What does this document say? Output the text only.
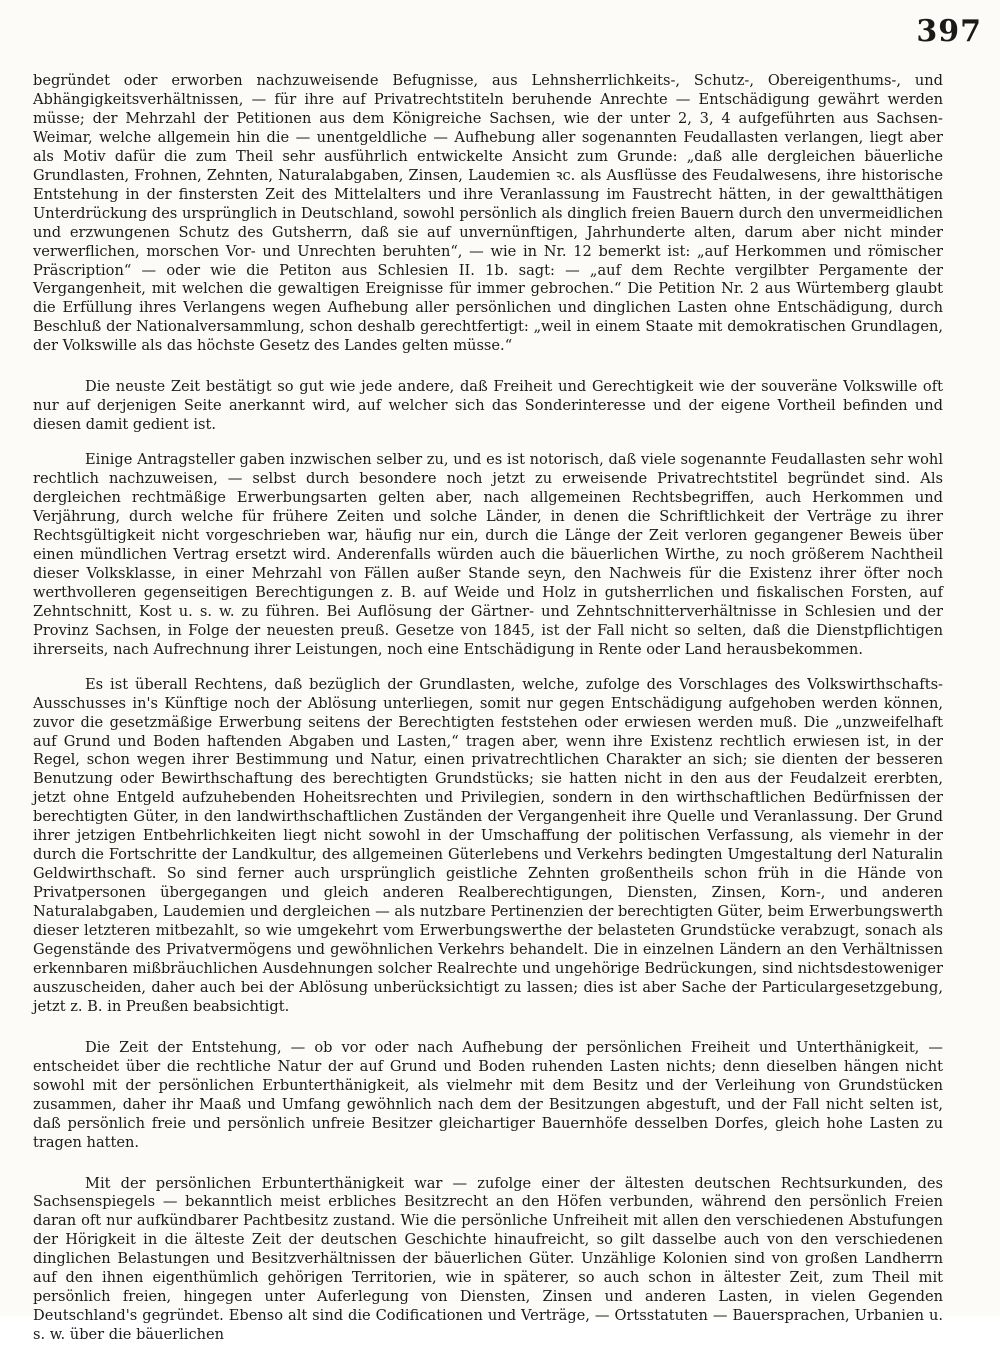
397

begründet oder erworben nachzuweisende Befugnisse, aus Lehnsherrlichkeits-, Schutz-, Obereigenthums-, und Abhängigkeitsverhältnissen, — für ihre auf Privatrechtstiteln beruhende Anrechte — Entschädigung gewährt werden müsse; der Mehrzahl der Petitionen aus dem Königreiche Sachsen, wie der unter 2, 3, 4 aufgeführten aus Sachsen-Weimar, welche allgemein hin die — unentgeldliche — Aufhebung aller sogenannten Feudallasten verlangen, liegt aber als Motiv dafür die zum Theil sehr ausführlich entwickelte Ansicht zum Grunde: „daß alle dergleichen bäuerliche Grundlasten, Frohnen, Zehnten, Naturalabgaben, Zinsen, Laudemien ꝛc. als Ausflüsse des Feudalwesens, ihre historische Entstehung in der finstersten Zeit des Mittelalters und ihre Veranlassung im Faustrecht hätten, in der gewaltthätigen Unterdrückung des ursprünglich in Deutschland, sowohl persönlich als dinglich freien Bauern durch den unvermeidlichen und erzwungenen Schutz des Gutsherrn, daß sie auf unvernünftigen, Jahrhunderte alten, darum aber nicht minder verwerflichen, morschen Vor- und Unrechten beruhten“, — wie in Nr. 12 bemerkt ist: „auf Herkommen und römischer Präscription“ — oder wie die Petiton aus Schlesien II. 1b. sagt: — „auf dem Rechte vergilbter Pergamente der Vergangenheit, mit welchen die gewaltigen Ereignisse für immer gebrochen.“ Die Petition Nr. 2 aus Würtemberg glaubt die Erfüllung ihres Verlangens wegen Aufhebung aller persönlichen und dinglichen Lasten ohne Entschädigung, durch Beschluß der Nationalversammlung, schon deshalb gerechtfertigt: „weil in einem Staate mit demokratischen Grundlagen, der Volkswille als das höchste Gesetz des Landes gelten müsse.“

Die neuste Zeit bestätigt so gut wie jede andere, daß Freiheit und Gerechtigkeit wie der souveräne Volkswille oft nur auf derjenigen Seite anerkannt wird, auf welcher sich das Sonderinteresse und der eigene Vortheil befinden und diesen damit gedient ist.

Einige Antragsteller gaben inzwischen selber zu, und es ist notorisch, daß viele sogenannte Feudallasten sehr wohl rechtlich nachzuweisen, — selbst durch besondere noch jetzt zu erweisende Privatrechtstitel begründet sind. Als dergleichen rechtmäßige Erwerbungsarten gelten aber, nach allgemeinen Rechtsbegriffen, auch Herkommen und Verjährung, durch welche für frühere Zeiten und solche Länder, in denen die Schriftlichkeit der Verträge zu ihrer Rechtsgültigkeit nicht vorgeschrieben war, häufig nur ein, durch die Länge der Zeit verloren gegangener Beweis über einen mündlichen Vertrag ersetzt wird. Anderenfalls würden auch die bäuerlichen Wirthe, zu noch größerem Nachtheil dieser Volksklasse, in einer Mehrzahl von Fällen außer Stande seyn, den Nachweis für die Existenz ihrer öfter noch werthvolleren gegenseitigen Berechtigungen z. B. auf Weide und Holz in gutsherrlichen und fiskalischen Forsten, auf Zehntschnitt, Kost u. s. w. zu führen. Bei Auflösung der Gärtner- und Zehntschnitterverhältnisse in Schlesien und der Provinz Sachsen, in Folge der neuesten preuß. Gesetze von 1845, ist der Fall nicht so selten, daß die Dienstpflichtigen ihrerseits, nach Aufrechnung ihrer Leistungen, noch eine Entschädigung in Rente oder Land herausbekommen.

Es ist überall Rechtens, daß bezüglich der Grundlasten, welche, zufolge des Vorschlages des Volkswirthschafts-Ausschusses in's Künftige noch der Ablösung unterliegen, somit nur gegen Entschädigung aufgehoben werden können, zuvor die gesetzmäßige Erwerbung seitens der Berechtigten feststehen oder erwiesen werden muß. Die „unzweifelhaft auf Grund und Boden haftenden Abgaben und Lasten,“ tragen aber, wenn ihre Existenz rechtlich erwiesen ist, in der Regel, schon wegen ihrer Bestimmung und Natur, einen privatrechtlichen Charakter an sich; sie dienten der besseren Benutzung oder Bewirthschaftung des berechtigten Grundstücks; sie hatten nicht in den aus der Feudalzeit ererbten, jetzt ohne Entgeld aufzuhebenden Hoheitsrechten und Privilegien, sondern in den wirthschaftlichen Bedürfnissen der berechtigten Güter, in den landwirthschaftlichen Zuständen der Vergangenheit ihre Quelle und Veranlassung. Der Grund ihrer jetzigen Entbehrlichkeiten liegt nicht sowohl in der Umschaffung der politischen Verfassung, als viemehr in der durch die Fortschritte der Landkultur, des allgemeinen Güterlebens und Verkehrs bedingten Umgestaltung derl Naturalin Geldwirthschaft. So sind ferner auch ursprünglich geistliche Zehnten großentheils schon früh in die Hände von Privatpersonen übergegangen und gleich anderen Realberechtigungen, Diensten, Zinsen, Korn-, und anderen Naturalabgaben, Laudemien und dergleichen — als nutzbare Pertinenzien der berechtigten Güter, beim Erwerbungswerth dieser letzteren mitbezahlt, so wie umgekehrt vom Erwerbungswerthe der belasteten Grundstücke verabzugt, sonach als Gegenstände des Privatvermögens und gewöhnlichen Verkehrs behandelt. Die in einzelnen Ländern an den Verhältnissen erkennbaren mißbräuchlichen Ausdehnungen solcher Realrechte und ungehörige Bedrückungen, sind nichtsdestoweniger auszuscheiden, daher auch bei der Ablösung unberücksichtigt zu lassen; dies ist aber Sache der Particulargesetzgebung, jetzt z. B. in Preußen beabsichtigt.

Die Zeit der Entstehung, — ob vor oder nach Aufhebung der persönlichen Freiheit und Unterthänigkeit, — entscheidet über die rechtliche Natur der auf Grund und Boden ruhenden Lasten nichts; denn dieselben hängen nicht sowohl mit der persönlichen Erbunterthänigkeit, als vielmehr mit dem Besitz und der Verleihung von Grundstücken zusammen, daher ihr Maaß und Umfang gewöhnlich nach dem der Besitzungen abgestuft, und der Fall nicht selten ist, daß persönlich freie und persönlich unfreie Besitzer gleichartiger Bauernhöfe desselben Dorfes, gleich hohe Lasten zu tragen hatten.

Mit der persönlichen Erbunterthänigkeit war — zufolge einer der ältesten deutschen Rechtsurkunden, des Sachsenspiegels — bekanntlich meist erbliches Besitzrecht an den Höfen verbunden, während den persönlich Freien daran oft nur aufkündbarer Pachtbesitz zustand. Wie die persönliche Unfreiheit mit allen den verschiedenen Abstufungen der Hörigkeit in die älteste Zeit der deutschen Geschichte hinaufreicht, so gilt dasselbe auch von den verschiedenen dinglichen Belastungen und Besitzverhältnissen der bäuerlichen Güter. Unzählige Kolonien sind von großen Landherrn auf den ihnen eigenthümlich gehörigen Territorien, wie in späterer, so auch schon in ältester Zeit, zum Theil mit persönlich freien, hingegen unter Auferlegung von Diensten, Zinsen und anderen Lasten, in vielen Gegenden Deutschland's gegründet. Ebenso alt sind die Codificationen und Verträge, — Ortsstatuten — Bauersprachen, Urbanien u. s. w. über die bäuerlichen
